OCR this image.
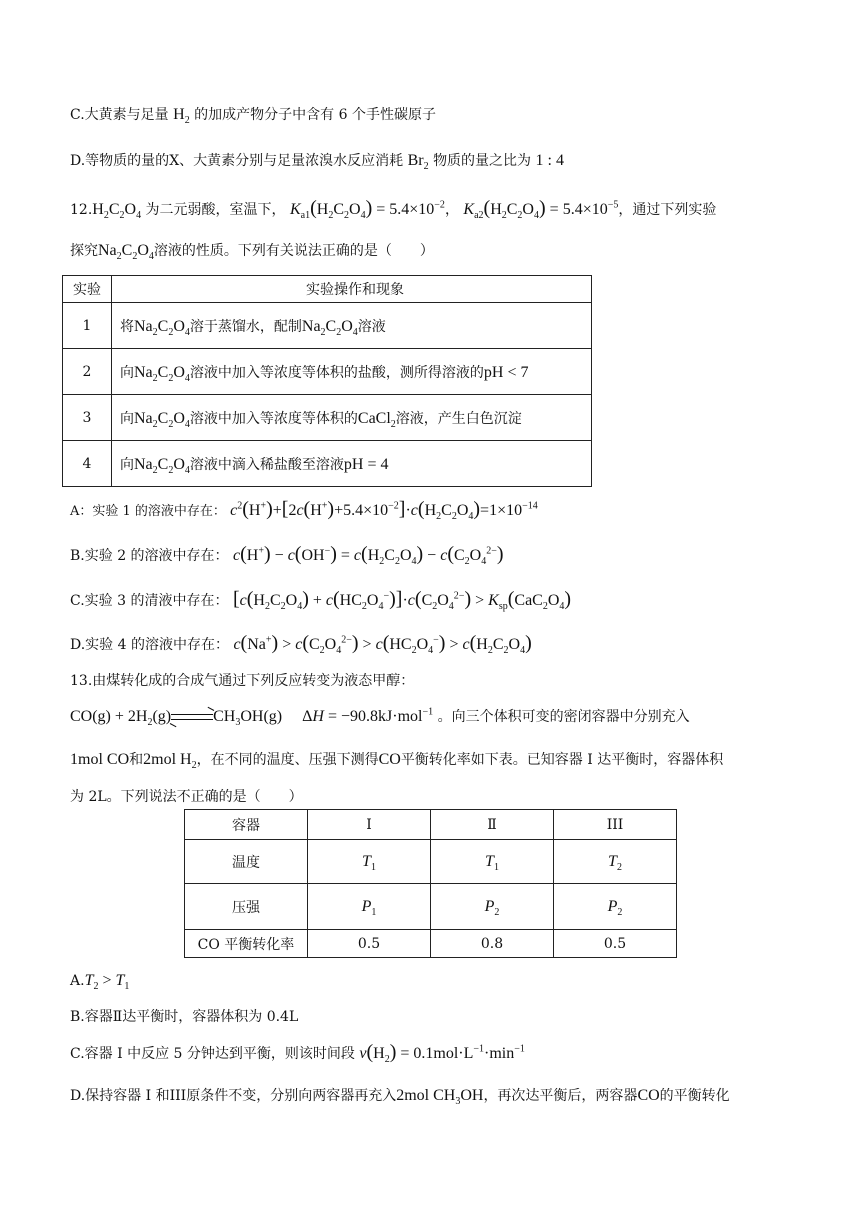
C.大黄素与足量 $H_2$ 的加成产物分子中含有 6 个手性碳原子
D.等物质的量的X、大黄素分别与足量浓溴水反应消耗 $Br_2$ 物质的量之比为 1 : 4
$12.H_2C_2O_4$ 为二元弱酸，室温下， $K_{a1}(H_2C_2O_4) = 5.4\times 10^{-2}$， $K_{a2}(H_2C_2O_4) = 5.4\times 10^{-5}$，通过下列实验
探究$Na_2C_2O_4$溶液的性质。下列有关说法正确的是（　　）
实验	实验操作和现象
1	将$Na_2C_2O_4$溶于蒸馏水，配制$Na_2C_2O_4$溶液
2	向$Na_2C_2O_4$溶液中加入等浓度等体积的盐酸，测所得溶液的pH < 7
3	向$Na_2C_2O_4$溶液中加入等浓度等体积的CaCl$_2$溶液，产生白色沉淀
4	向$Na_2C_2O_4$溶液中滴入稀盐酸至溶液pH = 4
A：实验 1 的溶液中存在： $c^2(H^+)+[2c(H^+)+5.4\times 10^{-2}]\cdot c(H_2C_2O_4)=1\times 10^{-14}$
B.实验 2 的溶液中存在： $c(H^+) - c(OH^-) = c(H_2C_2O_4) - c(C_2O_4^{2-})$
C.实验 3 的清液中存在： $[c(H_2C_2O_4) + c(HC_2O_4^-)]\cdot c(C_2O_4^{2-}) > K_{sp}(CaC_2O_4)$
D.实验 4 的溶液中存在： $c(Na^+) > c(C_2O_4^{2-}) > c(HC_2O_4^-) > c(H_2C_2O_4)$
13.由煤转化成的合成气通过下列反应转变为液态甲醇：
$CO(g) + 2H_2(g)$	$CH_3OH(g)$     ΔH = −90.8kJ·mol$^{-1}$ 。向三个体积可变的密闭容器中分别充入
1mol CO和2mol $H_2$，在不同的温度、压强下测得CO平衡转化率如下表。已知容器 I 达平衡时，容器体积
为 2L。下列说法不正确的是（　　）
容器	I	Ⅱ	III
温度	$T_1$	$T_1$	$T_2$
压强	$P_1$	$P_2$	$P_2$
CO 平衡转化率	0.5	0.8	0.5
$A.T_2 > T_1$
B.容器Ⅱ达平衡时，容器体积为 0.4L
C.容器 I 中反应 5 分钟达到平衡，则该时间段 $v(H_2) = 0.1mol\cdot L^{-1}\cdot\min^{-1}$
D.保持容器 I 和III原条件不变，分别向两容器再充入2mol $CH_3OH$，再次达平衡后，两容器CO的平衡转化
